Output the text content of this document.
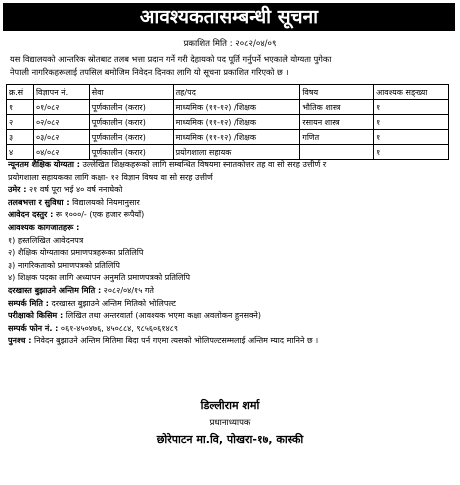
आवश्यकतासम्बन्धी सूचना
प्रकाशित मिति : २०८२/०४/०९

यस विद्यालयको आन्तरिक स्रोतबाट तलब भत्ता प्रदान गर्ने गरी देहायको पद पूर्ति गर्नुपर्ने भएकाले योग्यता पुगेका

नेपाली नागरिकहरूलाई तपसिल बमोजिम निवेदन दिनका लागि यो सूचना प्रकाशित गरिएको छ ।

क्र.सं	विज्ञापन नं.	सेवा	तह/पद	विषय	आवश्यक सङ्ख्या
१	०१/०८२	पूर्णकालीन (करार)	माध्यमिक (११-१२) /शिक्षक	भौतिक शास्त्र	१
२	०२/०८२	पूर्णकालीन (करार)	माध्यमिक (११-१२) /शिक्षक	रसायन शास्त्र	१
३	०३/०८२	पूर्णकालीन (करार)	माध्यमिक (११-१२) /शिक्षक	गणित	१
४	०४/०८२	पूर्णकालीन (करार)	प्रयोगशाला सहायक		१

न्यूनतम शैक्षिक योग्यता : उल्लेखित शिक्षकहरूको लागि सम्बन्धित विषयमा स्नातकोत्तर तह वा सो सरह उत्तीर्ण र

प्रयोगशाला सहायकका लागि कक्षा- १२ विज्ञान विषय वा सो सरह उत्तीर्ण

उमेर : २१ वर्ष पूरा भई ४० वर्ष ननाघेको

तलबभत्ता र सुविधा : विद्यालयको नियमानुसार

आवेदन दस्तुर : रू १०००/- (एक हजार रूपैयाँ)

आवश्यक कागजातहरू :

१) हस्तलिखित आवेदनपत्र

२) शैक्षिक योग्यताका प्रमाणपत्रहरूका प्रतिलिपि

३) नागरिकताको प्रमाणपत्रको प्रतिलिपि

४) शिक्षक पदका लागि अध्यापन अनुमति प्रमाणपत्रको प्रतिलिपि

दरखास्त बुझाउने अन्तिम मिति : २०८२/०४/१५ गते

सम्पर्क मिति : दरखास्त बुझाउने अन्तिम मितिको भोलिपल्ट

परीक्षाको किसिम : लिखित तथा अन्तरवार्ता (आवश्यक भएमा कक्षा अवलोकन हुनसक्ने)

सम्पर्क फोन नं. : ०६१-४५०४७६, ४५०८८४, ९८५६०६१४८९

पुनश्च : निवेदन बुझाउने अन्तिम मितिमा बिदा पर्न गएमा त्यसको भोलिपल्टसम्मलाई अन्तिम म्याद मानिने छ ।

डिल्लीराम शर्मा
प्रधानाध्यापक
छोरेपाटन मा.वि, पोखरा-१७, कास्की
